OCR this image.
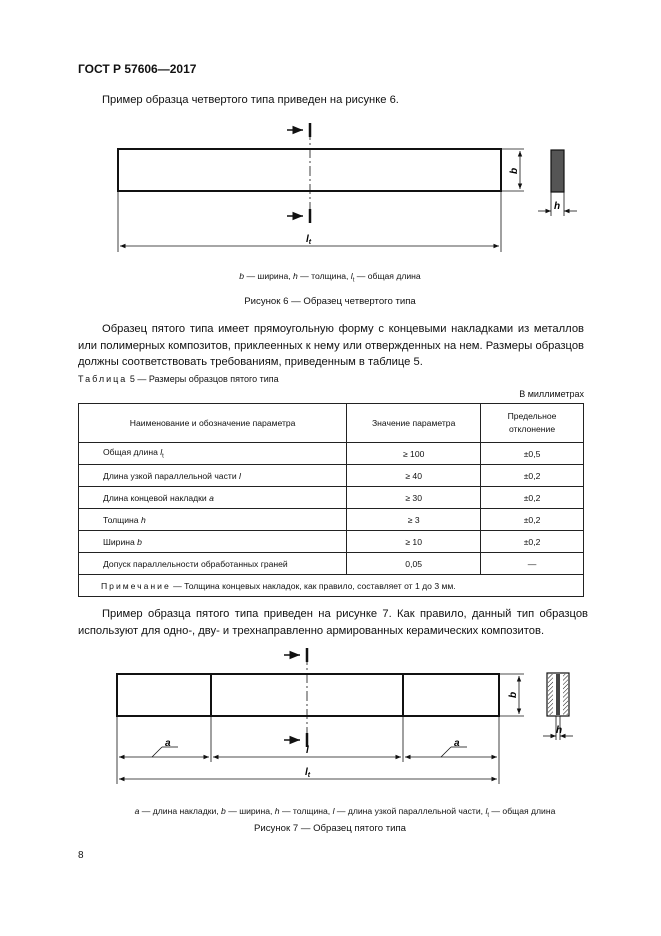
ГОСТ Р 57606—2017
Пример образца четвертого типа приведен на рисунке 6.
$l_t$
b
h
b — ширина, h — толщина, $l_t$ — общая длина
Рисунок 6 — Образец четвертого типа
Образец пятого типа имеет прямоугольную форму с концевыми накладками из металлов или полимерных композитов, приклеенных к нему или отвержденных на нем. Размеры образцов должны соответствовать требованиям, приведенным в таблице 5.
Таблица 5 — Размеры образцов пятого типа
В миллиметрах
Наименование и обозначение параметра	Значение параметра	Предельное отклонение

Общая длина $l_t$	≥ 100	±0,5
Длина узкой параллельной части l	≥ 40	±0,2
Длина концевой накладки a	≥ 30	±0,2
Толщина h	≥ 3	±0,2
Ширина b	≥ 10	±0,2
Допуск параллельности обработанных граней	0,05	—
Примечание — Толщина концевых накладок, как правило, составляет от 1 до 3 мм.		
Пример образца пятого типа приведен на рисунке 7. Как правило, данный тип образцов используют для одно-, дву- и трехнаправленно армированных керамических композитов.
a	a
l
$l_t$
b
h
a — длина накладки, b — ширина, h — толщина, l — длина узкой параллельной части, $l_t$ — общая длина
Рисунок 7 — Образец пятого типа
8
